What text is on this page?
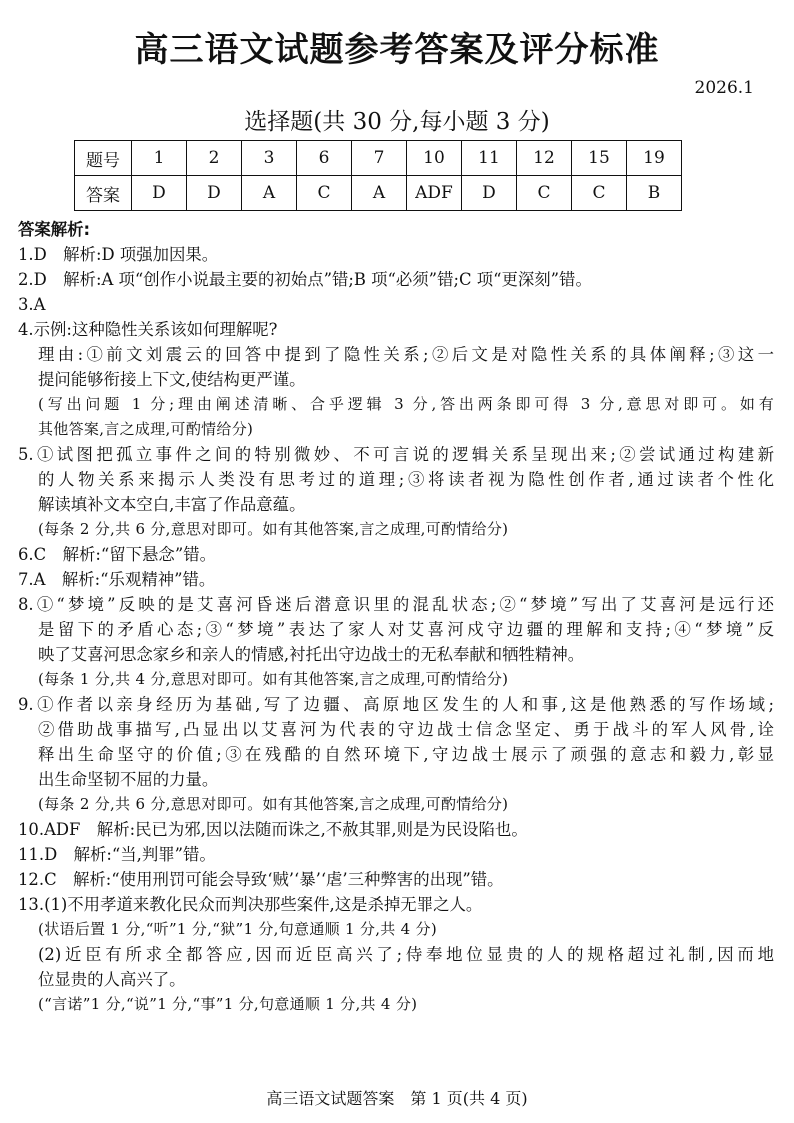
高三语文试题参考答案及评分标准
2026.1
选择题(共 30 分,每小题 3 分)
题号	1	2	3	6	7	10	11	12	15	19
答案	D	D	A	C	A	ADF	D	C	C	B

答案解析:

1.D　解析:D 项强加因果。

2.D　解析:A 项“创作小说最主要的初始点”错;B 项“必须”错;C 项“更深刻”错。

3.A

4.示例:这种隐性关系该如何理解呢?

理由:①前文刘震云的回答中提到了隐性关系;②后文是对隐性关系的具体阐释;③这一

提问能够衔接上下文,使结构更严谨。

(写出问题 1 分;理由阐述清晰、合乎逻辑 3 分,答出两条即可得 3 分,意思对即可。如有

其他答案,言之成理,可酌情给分)

5.①试图把孤立事件之间的特别微妙、不可言说的逻辑关系呈现出来;②尝试通过构建新

的人物关系来揭示人类没有思考过的道理;③将读者视为隐性创作者,通过读者个性化

解读填补文本空白,丰富了作品意蕴。

(每条 2 分,共 6 分,意思对即可。如有其他答案,言之成理,可酌情给分)

6.C　解析:“留下悬念”错。

7.A　解析:“乐观精神”错。

8.①“梦境”反映的是艾喜河昏迷后潜意识里的混乱状态;②“梦境”写出了艾喜河是远行还

是留下的矛盾心态;③“梦境”表达了家人对艾喜河戍守边疆的理解和支持;④“梦境”反

映了艾喜河思念家乡和亲人的情感,衬托出守边战士的无私奉献和牺牲精神。

(每条 1 分,共 4 分,意思对即可。如有其他答案,言之成理,可酌情给分)

9.①作者以亲身经历为基础,写了边疆、高原地区发生的人和事,这是他熟悉的写作场域;

②借助战事描写,凸显出以艾喜河为代表的守边战士信念坚定、勇于战斗的军人风骨,诠

释出生命坚守的价值;③在残酷的自然环境下,守边战士展示了顽强的意志和毅力,彰显

出生命坚韧不屈的力量。

(每条 2 分,共 6 分,意思对即可。如有其他答案,言之成理,可酌情给分)

10.ADF　解析:民已为邪,因以法随而诛之,不赦其罪,则是为民设陷也。

11.D　解析:“当,判罪”错。

12.C　解析:“使用刑罚可能会导致‘贼’‘暴’‘虐’三种弊害的出现”错。

13.(1)不用孝道来教化民众而判决那些案件,这是杀掉无罪之人。

(状语后置 1 分,“听”1 分,“狱”1 分,句意通顺 1 分,共 4 分)

(2)近臣有所求全都答应,因而近臣高兴了;侍奉地位显贵的人的规格超过礼制,因而地

位显贵的人高兴了。

(“言诺”1 分,“说”1 分,“事”1 分,句意通顺 1 分,共 4 分)

高三语文试题答案　第 1 页(共 4 页)
